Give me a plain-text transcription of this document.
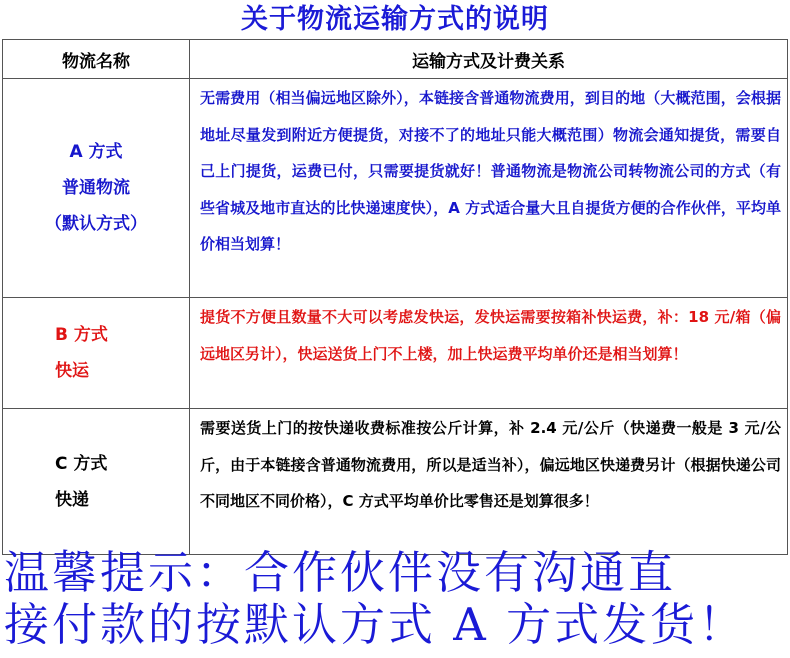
关于物流运输方式的说明
物流名称	运输方式及计费关系

A 方式
普通物流
（默认方式）	无需费用（相当偏远地区除外），本链接含普通物流费用，到目的地（大概范围，会根据地址尽量发到附近方便提货，对接不了的地址只能大概范围）物流会通知提货，需要自己上门提货，运费已付，只需要提货就好！普通物流是物流公司转物流公司的方式（有些省城及地市直达的比快递速度快），A 方式适合量大且自提货方便的合作伙伴，平均单价相当划算！

B 方式
快运	提货不方便且数量不大可以考虑发快运，发快运需要按箱补快运费，补：18 元/箱（偏远地区另计），快运送货上门不上楼，加上快运费平均单价还是相当划算！

C 方式
快递	需要送货上门的按快递收费标准按公斤计算，补 2.4 元/公斤（快递费一般是 3 元/公斤，由于本链接含普通物流费用，所以是适当补），偏远地区快递费另计（根据快递公司不同地区不同价格），C 方式平均单价比零售还是划算很多！
温馨提示：合作伙伴没有沟通直
接付款的按默认方式 A 方式发货！
